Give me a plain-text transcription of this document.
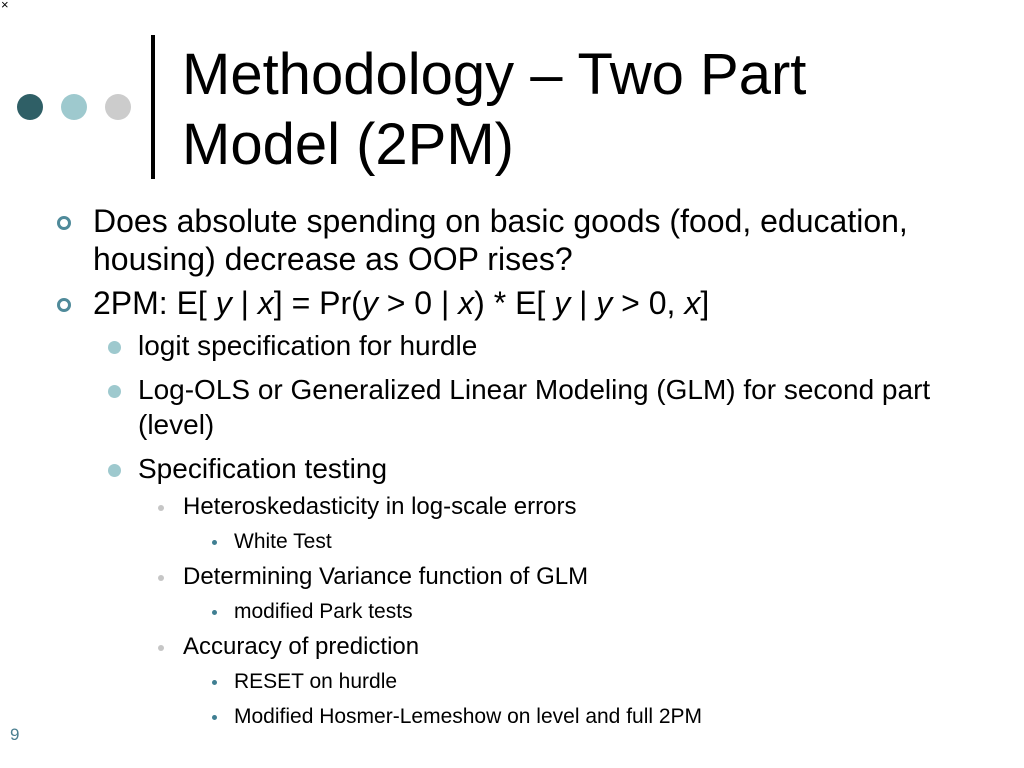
×
Methodology – Two Part
Model (2PM)
Does absolute spending on basic goods (food, education, housing) decrease as OOP rises?
2PM: E[ y | x] = Pr(y > 0 | x) * E[ y | y > 0, x]
logit specification for hurdle
Log-OLS or Generalized Linear Modeling (GLM) for second part (level)
Specification testing
Heteroskedasticity in log-scale errors
White Test
Determining Variance function of GLM
modified Park tests
Accuracy of prediction
RESET on hurdle
Modified Hosmer-Lemeshow on level and full 2PM
9
